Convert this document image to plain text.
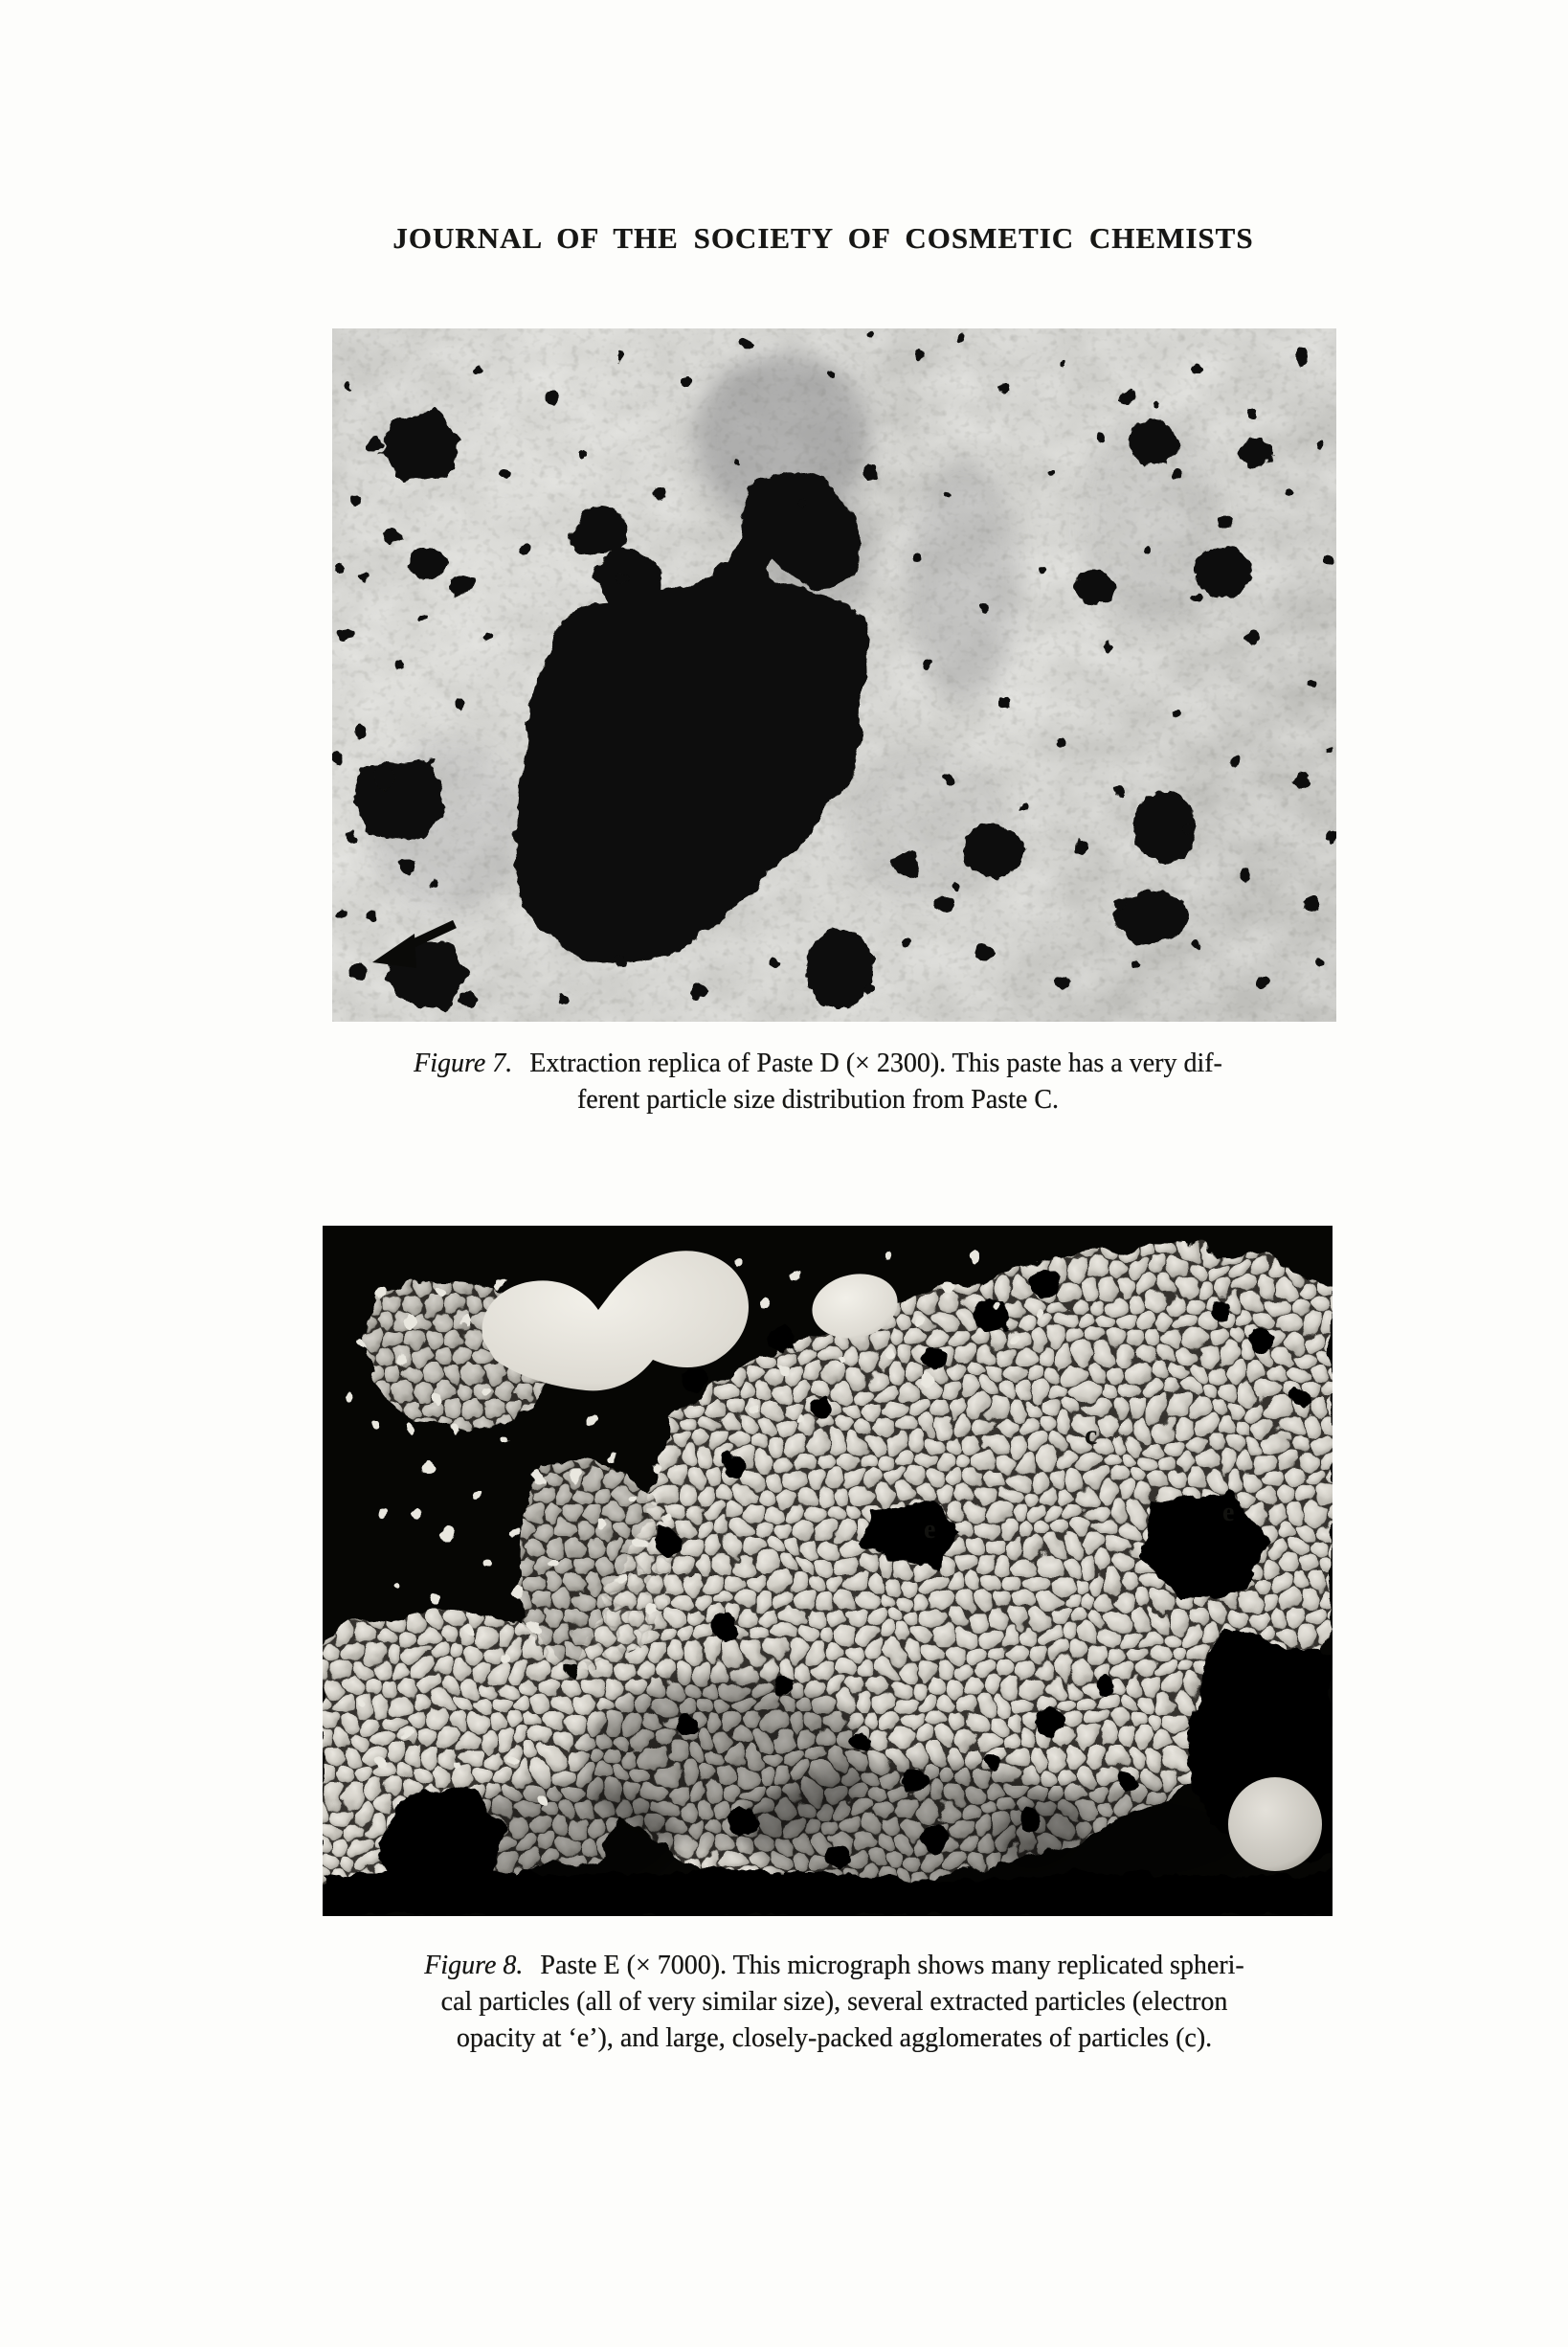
JOURNAL OF THE SOCIETY OF COSMETIC CHEMISTS
Figure 7. Extraction replica of Paste D (× 2300). This paste has a very dif-
ferent particle size distribution from Paste C.
c
e
e
Figure 8. Paste E (× 7000). This micrograph shows many replicated spheri-
cal particles (all of very similar size), several extracted particles (electron
opacity at ‘e’), and large, closely-packed agglomerates of particles (c).
